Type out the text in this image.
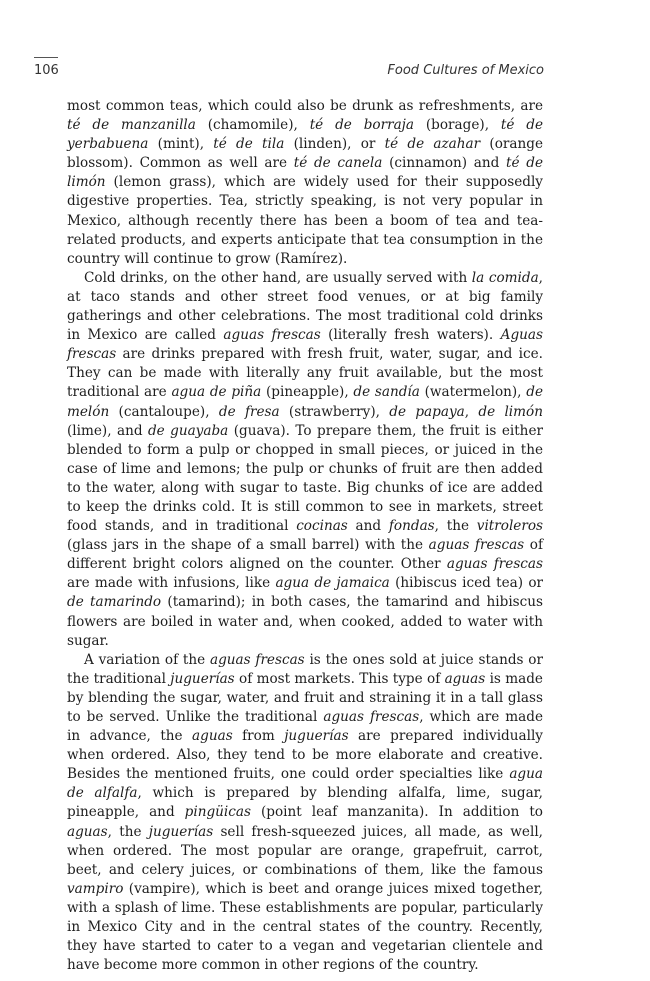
106	Food Cultures of Mexico

most common teas, which could also be drunk as refreshments, are té de manzanilla (chamomile), té de borraja (borage), té de yerbabuena (mint), té de tila (linden), or té de azahar (orange blossom). Common as well are té de canela (cinnamon) and té de limón (lemon grass), which are widely used for their supposedly digestive properties. Tea, strictly speaking, is not very popular in Mexico, although recently there has been a boom of tea and tea-related products, and experts anticipate that tea consumption in the country will continue to grow (Ramírez).

Cold drinks, on the other hand, are usually served with la comida, at taco stands and other street food venues, or at big family gatherings and other celebrations. The most traditional cold drinks in Mexico are called aguas frescas (literally fresh waters). Aguas frescas are drinks prepared with fresh fruit, water, sugar, and ice. They can be made with literally any fruit available, but the most traditional are agua de piña (pineapple), de sandía (watermelon), de melón (cantaloupe), de fresa (strawberry), de papaya, de limón (lime), and de guayaba (guava). To prepare them, the fruit is either blended to form a pulp or chopped in small pieces, or juiced in the case of lime and lemons; the pulp or chunks of fruit are then added to the water, along with sugar to taste. Big chunks of ice are added to keep the drinks cold. It is still common to see in markets, street food stands, and in traditional cocinas and fondas, the vitroleros (glass jars in the shape of a small barrel) with the aguas frescas of different bright colors aligned on the counter. Other aguas frescas are made with infusions, like agua de jamaica (hibiscus iced tea) or de tamarindo (tamarind); in both cases, the tamarind and hibiscus flowers are boiled in water and, when cooked, added to water with sugar.

A variation of the aguas frescas is the ones sold at juice stands or the traditional juguerías of most markets. This type of aguas is made by blending the sugar, water, and fruit and straining it in a tall glass to be served. Unlike the traditional aguas frescas, which are made in advance, the aguas from juguerías are prepared individually when ordered. Also, they tend to be more elaborate and creative. Besides the mentioned fruits, one could order specialties like agua de alfalfa, which is prepared by blending alfalfa, lime, sugar, pineapple, and pingüicas (point leaf manzanita). In addition to aguas, the juguerías sell fresh-squeezed juices, all made, as well, when ordered. The most popular are orange, grapefruit, carrot, beet, and celery juices, or combinations of them, like the famous vampiro (vampire), which is beet and orange juices mixed together, with a splash of lime. These establishments are popular, particularly in Mexico City and in the central states of the country. Recently, they have started to cater to a vegan and vegetarian clientele and have become more common in other regions of the country.
